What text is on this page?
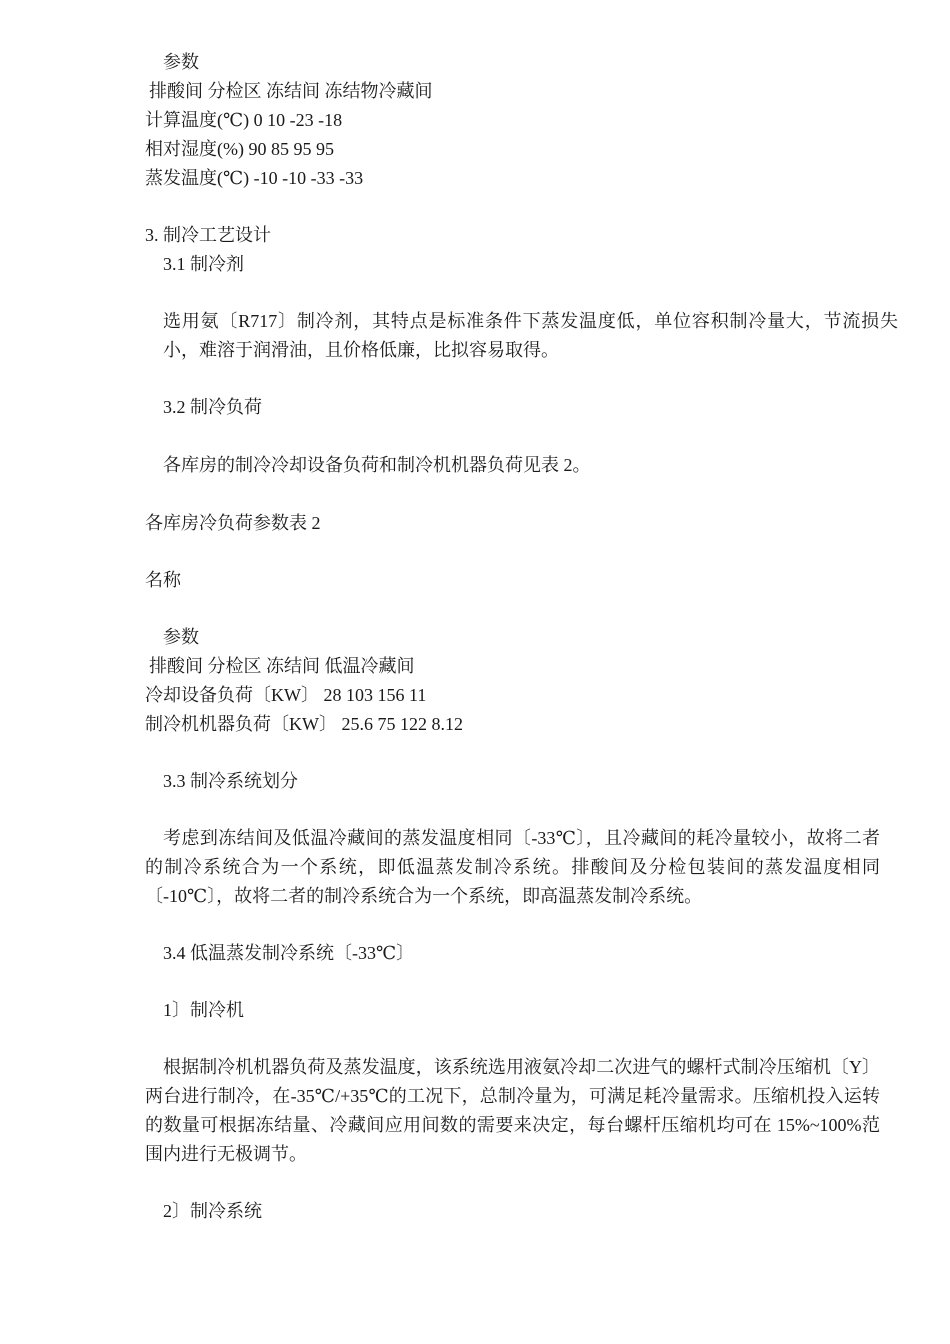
参数
排酸间 分检区 冻结间 冻结物冷藏间
计算温度(℃) 0 10 -23 -18
相对湿度(%) 90 85 95 95
蒸发温度(℃) -10 -10 -33 -33
3. 制冷工艺设计
3.1 制冷剂
选用氨〔R717〕制冷剂，其特点是标准条件下蒸发温度低，单位容积制冷量大，节流损失小，难溶于润滑油，且价格低廉，比拟容易取得。
3.2 制冷负荷
各库房的制冷冷却设备负荷和制冷机机器负荷见表 2。
各库房冷负荷参数表 2
名称
参数
排酸间 分检区 冻结间 低温冷藏间
冷却设备负荷〔KW〕 28 103 156 11
制冷机机器负荷〔KW〕 25.6 75 122 8.12
3.3 制冷系统划分
考虑到冻结间及低温冷藏间的蒸发温度相同〔-33℃〕，且冷藏间的耗冷量较小，故将二者的制冷系统合为一个系统，即低温蒸发制冷系统。排酸间及分检包装间的蒸发温度相同〔-10℃〕，故将二者的制冷系统合为一个系统，即高温蒸发制冷系统。
3.4 低温蒸发制冷系统〔-33℃〕
1〕制冷机
根据制冷机机器负荷及蒸发温度，该系统选用液氨冷却二次进气的螺杆式制冷压缩机〔Y〕两台进行制冷，在-35℃/+35℃的工况下，总制冷量为，可满足耗冷量需求。压缩机投入运转的数量可根据冻结量、冷藏间应用间数的需要来决定，每台螺杆压缩机均可在 15%~100%范围内进行无极调节。
2〕制冷系统
